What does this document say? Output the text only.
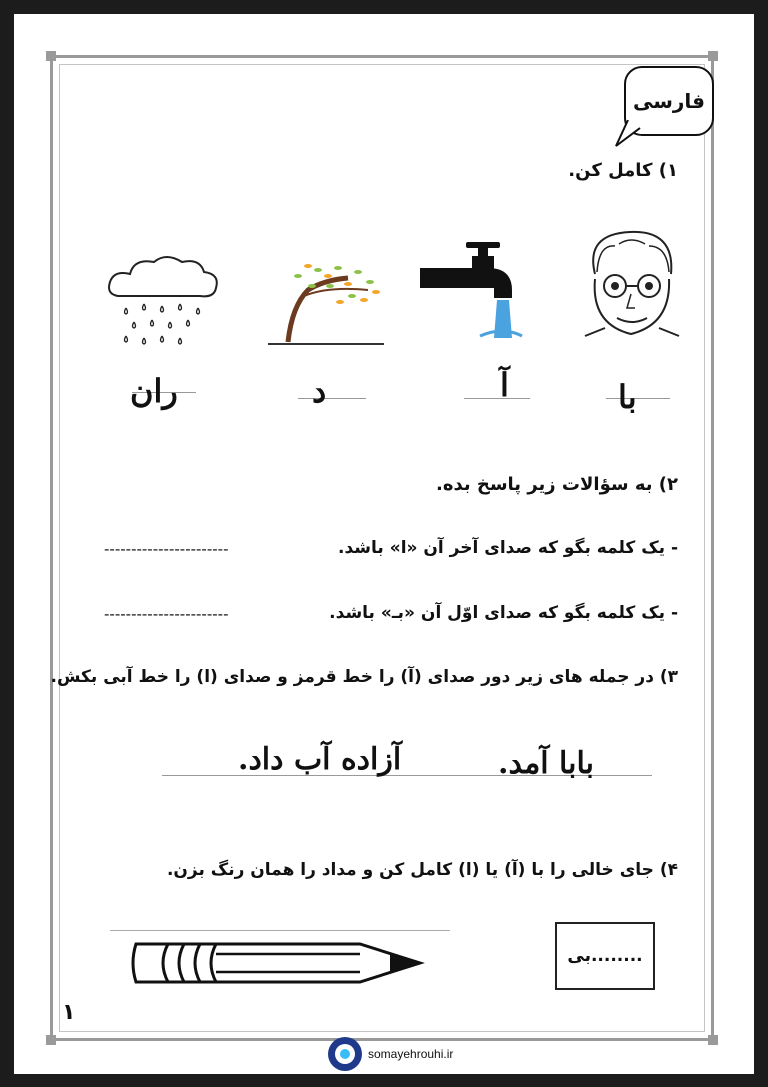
فارسی
۱) کامل کن.
با
آ
د
ران
۲) به سؤالات زیر پاسخ بده.
- یک کلمه بگو که صدای آخر آن «ا» باشد.
-----------------------
- یک کلمه بگو که صدای اوّل آن «بـ» باشد.
-----------------------
۳) در جمله های زیر دور صدای (آ) را خط قرمز و صدای (ا) را خط آبی بکش.
بابا آمد.
آزاده آب داد.
۴) جای خالی را با (آ) یا (ا) کامل کن و مداد را همان رنگ بزن.
........بی
۱
somayehrouhi.ir
